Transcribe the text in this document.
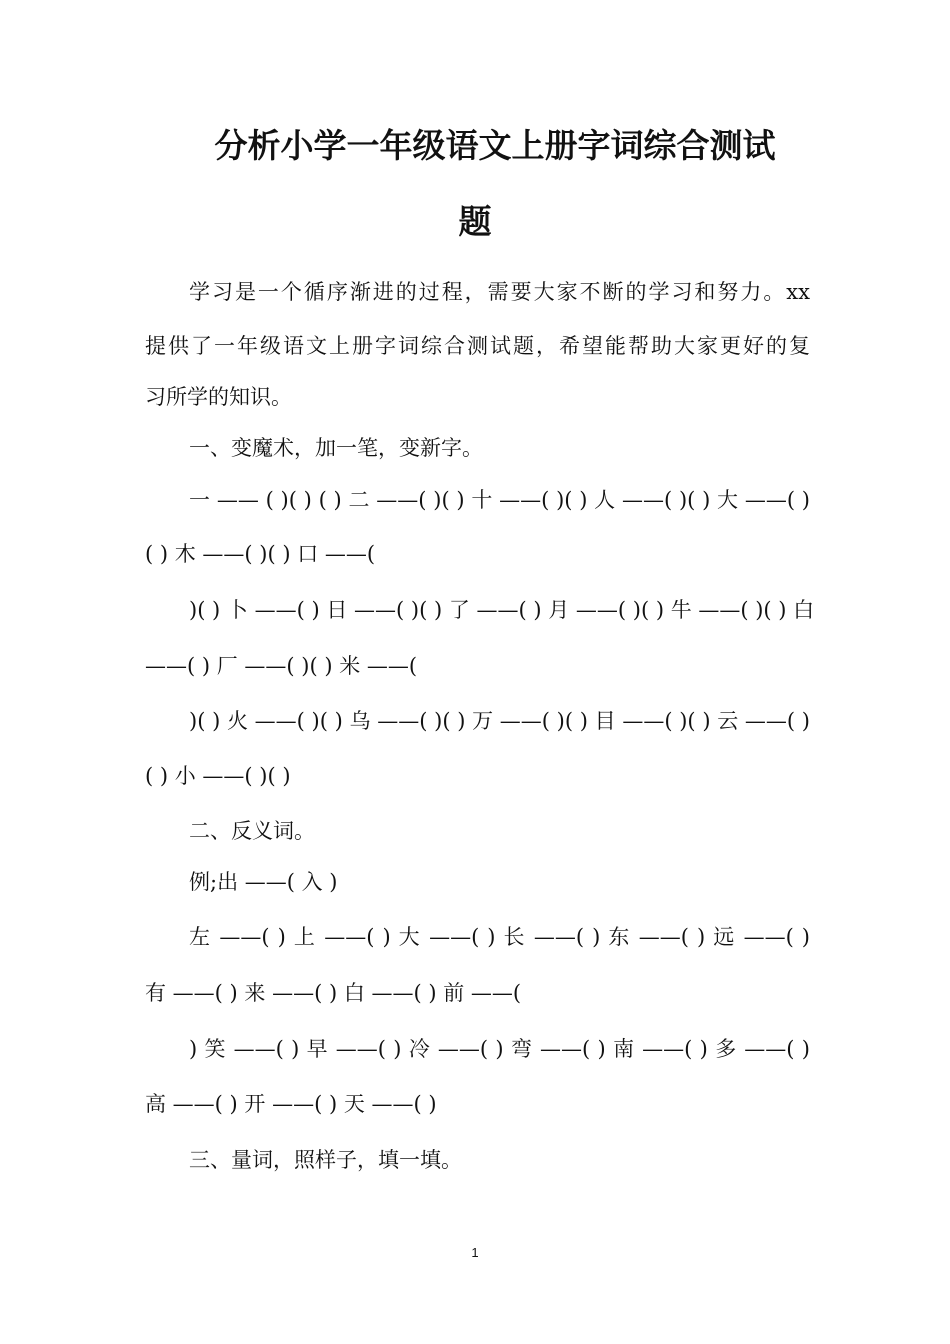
分析小学一年级语文上册字词综合测试
题
学习是一个循序渐进的过程，需要大家不断的学习和努力。xx
提供了一年级语文上册字词综合测试题，希望能帮助大家更好的复
习所学的知识。
一、变魔术，加一笔，变新字。
一 —— ( )( ) ( ) 二 ——( )( ) 十 ——( )( ) 人 ——( )( ) 大 ——( )
( ) 木 ——( )( ) 口 ——(
)( ) 卜 ——( ) 日 ——( )( ) 了 ——( ) 月 ——( )( ) 牛 ——( )( ) 白
——( ) 厂 ——( )( ) 米 ——(
)( ) 火 ——( )( ) 乌 ——( )( ) 万 ——( )( ) 目 ——( )( ) 云 ——( )
( ) 小 ——( )( )
二、反义词。
例;出 ——( 入 )
左 ——( ) 上 ——( ) 大 ——( ) 长 ——( ) 东 ——( ) 远 ——( )
有 ——( ) 来 ——( ) 白 ——( ) 前 ——(
) 笑 ——( ) 早 ——( ) 冷 ——( ) 弯 ——( ) 南 ——( ) 多 ——( )
高 ——( ) 开 ——( ) 天 ——( )
三、量词，照样子，填一填。
1
